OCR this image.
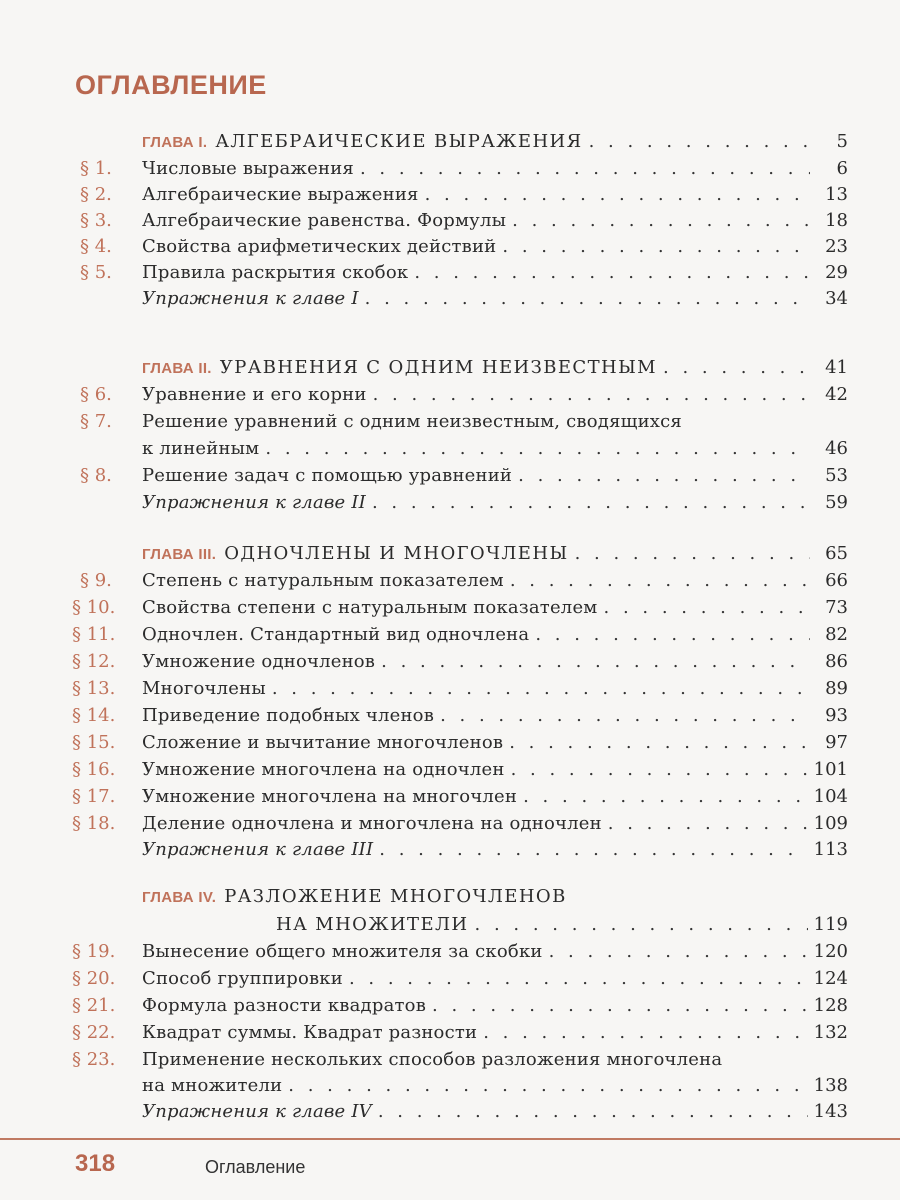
ОГЛАВЛЕНИЕ
ГЛАВА I. АЛГЕБРАИЧЕСКИЕ ВЫРАЖЕНИЯ . . .	5
§ 1.	Числовые выражения . . .	6
§ 2.	Алгебраические выражения . . .	13
§ 3.	Алгебраические равенства. Формулы . . .	18
§ 4.	Свойства арифметических действий . . .	23
§ 5.	Правила раскрытия скобок . . .	29
Упражнения к главе I . . .	34
ГЛАВА II. УРАВНЕНИЯ С ОДНИМ НЕИЗВЕСТНЫМ . . .	41
§ 6.	Уравнение и его корни . . .	42
§ 7.	Решение уравнений с одним неизвестным, сводящихся
к линейным . . .	46
§ 8.	Решение задач с помощью уравнений . . .	53
Упражнения к главе II . . .	59
ГЛАВА III. ОДНОЧЛЕНЫ И МНОГОЧЛЕНЫ . . .	65
§ 9.	Степень с натуральным показателем . . .	66
§ 10.	Свойства степени с натуральным показателем . . .	73
§ 11.	Одночлен. Стандартный вид одночлена . . .	82
§ 12.	Умножение одночленов . . .	86
§ 13.	Многочлены . . .	89
§ 14.	Приведение подобных членов . . .	93
§ 15.	Сложение и вычитание многочленов . . .	97
§ 16.	Умножение многочлена на одночлен . . .	101
§ 17.	Умножение многочлена на многочлен . . .	104
§ 18.	Деление одночлена и многочлена на одночлен . . .	109
Упражнения к главе III . . .	113
ГЛАВА IV. РАЗЛОЖЕНИЕ МНОГОЧЛЕНОВ
НА МНОЖИТЕЛИ . . .	119
§ 19.	Вынесение общего множителя за скобки . . .	120
§ 20.	Способ группировки . . .	124
§ 21.	Формула разности квадратов . . .	128
§ 22.	Квадрат суммы. Квадрат разности . . .	132
§ 23.	Применение нескольких способов разложения многочлена
на множители . . .	138
Упражнения к главе IV . . .	143
318	Оглавление
